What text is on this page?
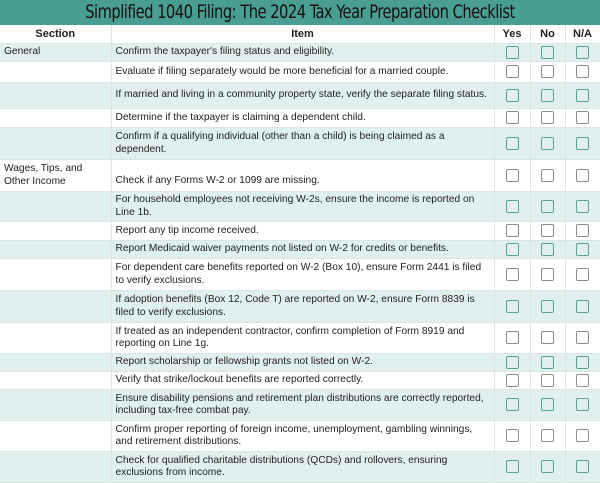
Simplified 1040 Filing: The 2024 Tax Year Preparation Checklist
Section	Item	Yes	No	N/A
General	Confirm the taxpayer's filing status and eligibility.			
	Evaluate if filing separately would be more beneficial for a married couple.			
	If married and living in a community property state, verify the separate filing status.			
	Determine if the taxpayer is claiming a dependent child.			
	Confirm if a qualifying individual (other than a child) is being claimed as a dependent.			
Wages, Tips, and Other Income	Check if any Forms W-2 or 1099 are missing.			
	For household employees not receiving W-2s, ensure the income is reported on Line 1b.			
	Report any tip income received.			
	Report Medicaid waiver payments not listed on W-2 for credits or benefits.			
	For dependent care benefits reported on W-2 (Box 10), ensure Form 2441 is filed to verify exclusions.			
	If adoption benefits (Box 12, Code T) are reported on W-2, ensure Form 8839 is filed to verify exclusions.			
	If treated as an independent contractor, confirm completion of Form 8919 and reporting on Line 1g.			
	Report scholarship or fellowship grants not listed on W-2.			
	Verify that strike/lockout benefits are reported correctly.			
	Ensure disability pensions and retirement plan distributions are correctly reported, including tax-free combat pay.			
	Confirm proper reporting of foreign income, unemployment, gambling winnings, and retirement distributions.			
	Check for qualified charitable distributions (QCDs) and rollovers, ensuring exclusions from income.			
